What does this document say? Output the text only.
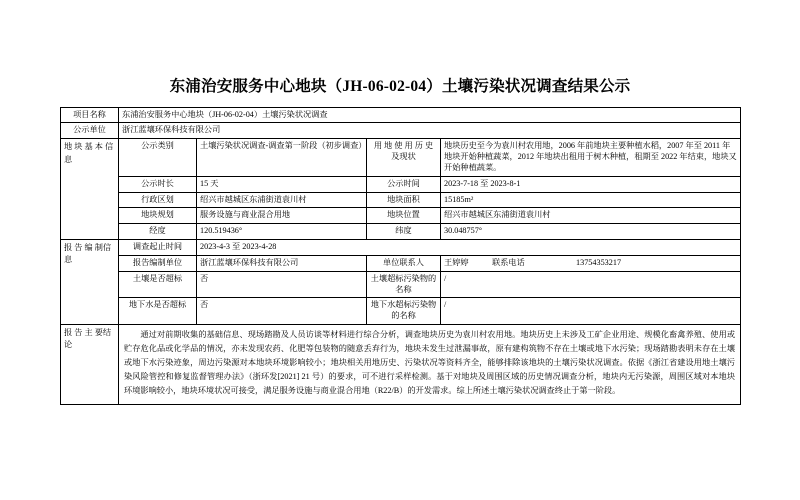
东浦治安服务中心地块（JH-06-02-04）土壤污染状况调查结果公示
项目名称	东浦治安服务中心地块（JH-06-02-04）土壤污染状况调查
公示单位	浙江蓝壤环保科技有限公司
地 块 基 本 信息	公示类别	土壤污染状况调查-调查第一阶段（初步调查）	用 地 使 用 历 史及现状	地块历史至今为袁川村农用地，2006 年前地块主要种植水稻，2007 年至 2011 年地块开始种植蔬菜，2012 年地块出租用于树木种植，租期至 2022 年结束，地块又开始种植蔬菜。
公示时长	15 天	公示时间	2023-7-18 至 2023-8-1
行政区划	绍兴市越城区东浦街道袁川村	地块面积	15185m²
地块规划	服务设施与商业混合用地	地块位置	绍兴市越城区东浦街道袁川村
经度	120.519436°	纬度	30.048757°
报 告 编 制信息	调查起止时间	2023-4-3 至 2023-4-28
报告编制单位	浙江蓝壤环保科技有限公司	单位联系人	王婷婷	联系电话	13754353217

土壤是否超标	否	土壤超标污染物的名称	/
地下水是否超标	否	地下水超标污染物的名称	/
报 告 主 要结论	
通过对前期收集的基础信息、现场踏勘及人员访谈等材料进行综合分析，调查地块历史为袁川村农用地。地块历史上未涉及工矿企业用途、规模化畜禽养殖、使用或贮存危化品或化学品的情况，亦未发现农药、化肥等包装物的随意丢弃行为，地块未发生过泄漏事故，原有建构筑物不存在土壤或地下水污染；现场踏勘表明未存在土壤或地下水污染迹象，周边污染源对本地块环境影响较小；地块相关用地历史、污染状况等资料齐全，能够排除该地块的土壤污染状况调查。依据《浙江省建设用地土壤污染风险管控和修复监督管理办法》（浙环发[2021] 21 号）的要求，可不进行采样检测。基于对地块及周围区域的历史情况调查分析，地块内无污染源，周围区域对本地块环境影响较小，地块环境状况可接受，满足服务设施与商业混合用地（R22/B）的开发需求。综上所述土壤污染状况调查终止于第一阶段。
